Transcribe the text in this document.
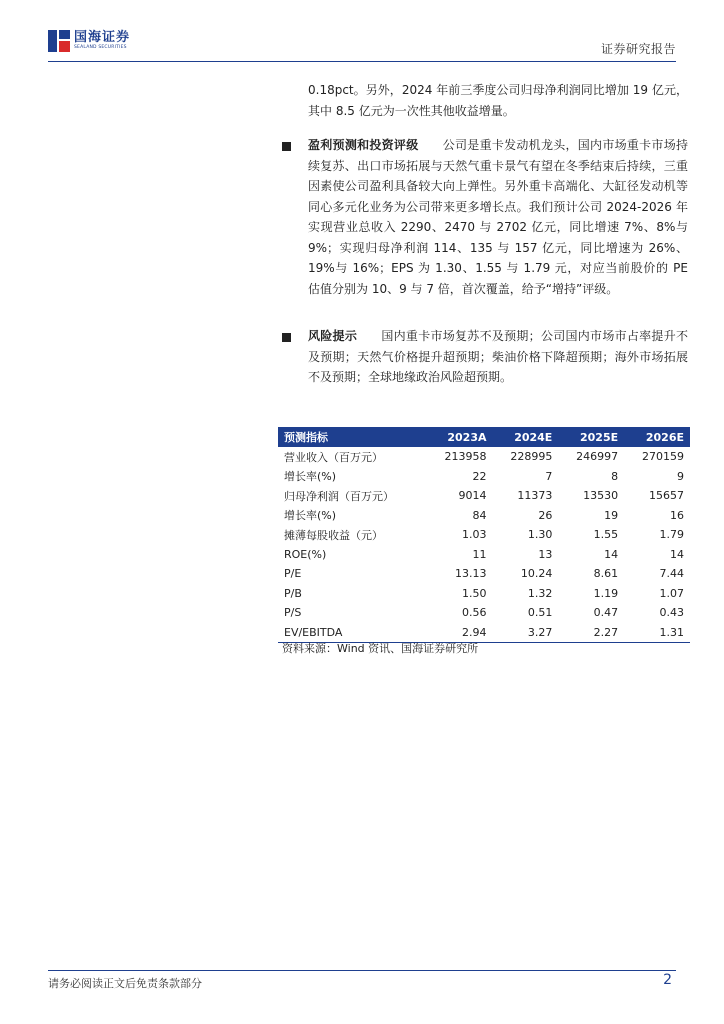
国海证券
SEALAND SECURITIES	证券研究报告

0.18pct。另外，2024 年前三季度公司归母净利润同比增加 19 亿元，其中 8.5 亿元为一次性其他收益增量。

盈利预测和投资评级   公司是重卡发动机龙头，国内市场重卡市场持续复苏、出口市场拓展与天然气重卡景气有望在冬季结束后持续，三重因素使公司盈利具备较大向上弹性。另外重卡高端化、大缸径发动机等同心多元化业务为公司带来更多增长点。我们预计公司 2024-2026 年实现营业总收入 2290、2470 与 2702 亿元，同比增速 7%、8%与 9%；实现归母净利润 114、135 与 157 亿元，同比增速为 26%、19%与 16%；EPS 为 1.30、1.55 与 1.79 元，对应当前股价的 PE 估值分别为 10、9 与 7 倍，首次覆盖，给予“增持”评级。

风险提示   国内重卡市场复苏不及预期；公司国内市场市占率提升不及预期；天然气价格提升超预期；柴油价格下降超预期；海外市场拓展不及预期；全球地缘政治风险超预期。

预测指标	2023A	2024E	2025E	2026E
营业收入（百万元）	213958	228995	246997	270159
增长率(%)	22	7	8	9
归母净利润（百万元）	9014	11373	13530	15657
增长率(%)	84	26	19	16
摊薄每股收益（元）	1.03	1.30	1.55	1.79
ROE(%)	11	13	14	14
P/E	13.13	10.24	8.61	7.44
P/B	1.50	1.32	1.19	1.07
P/S	0.56	0.51	0.47	0.43
EV/EBITDA	2.94	3.27	2.27	1.31
资料来源：Wind 资讯、国海证券研究所
请务必阅读正文后免责条款部分	2
